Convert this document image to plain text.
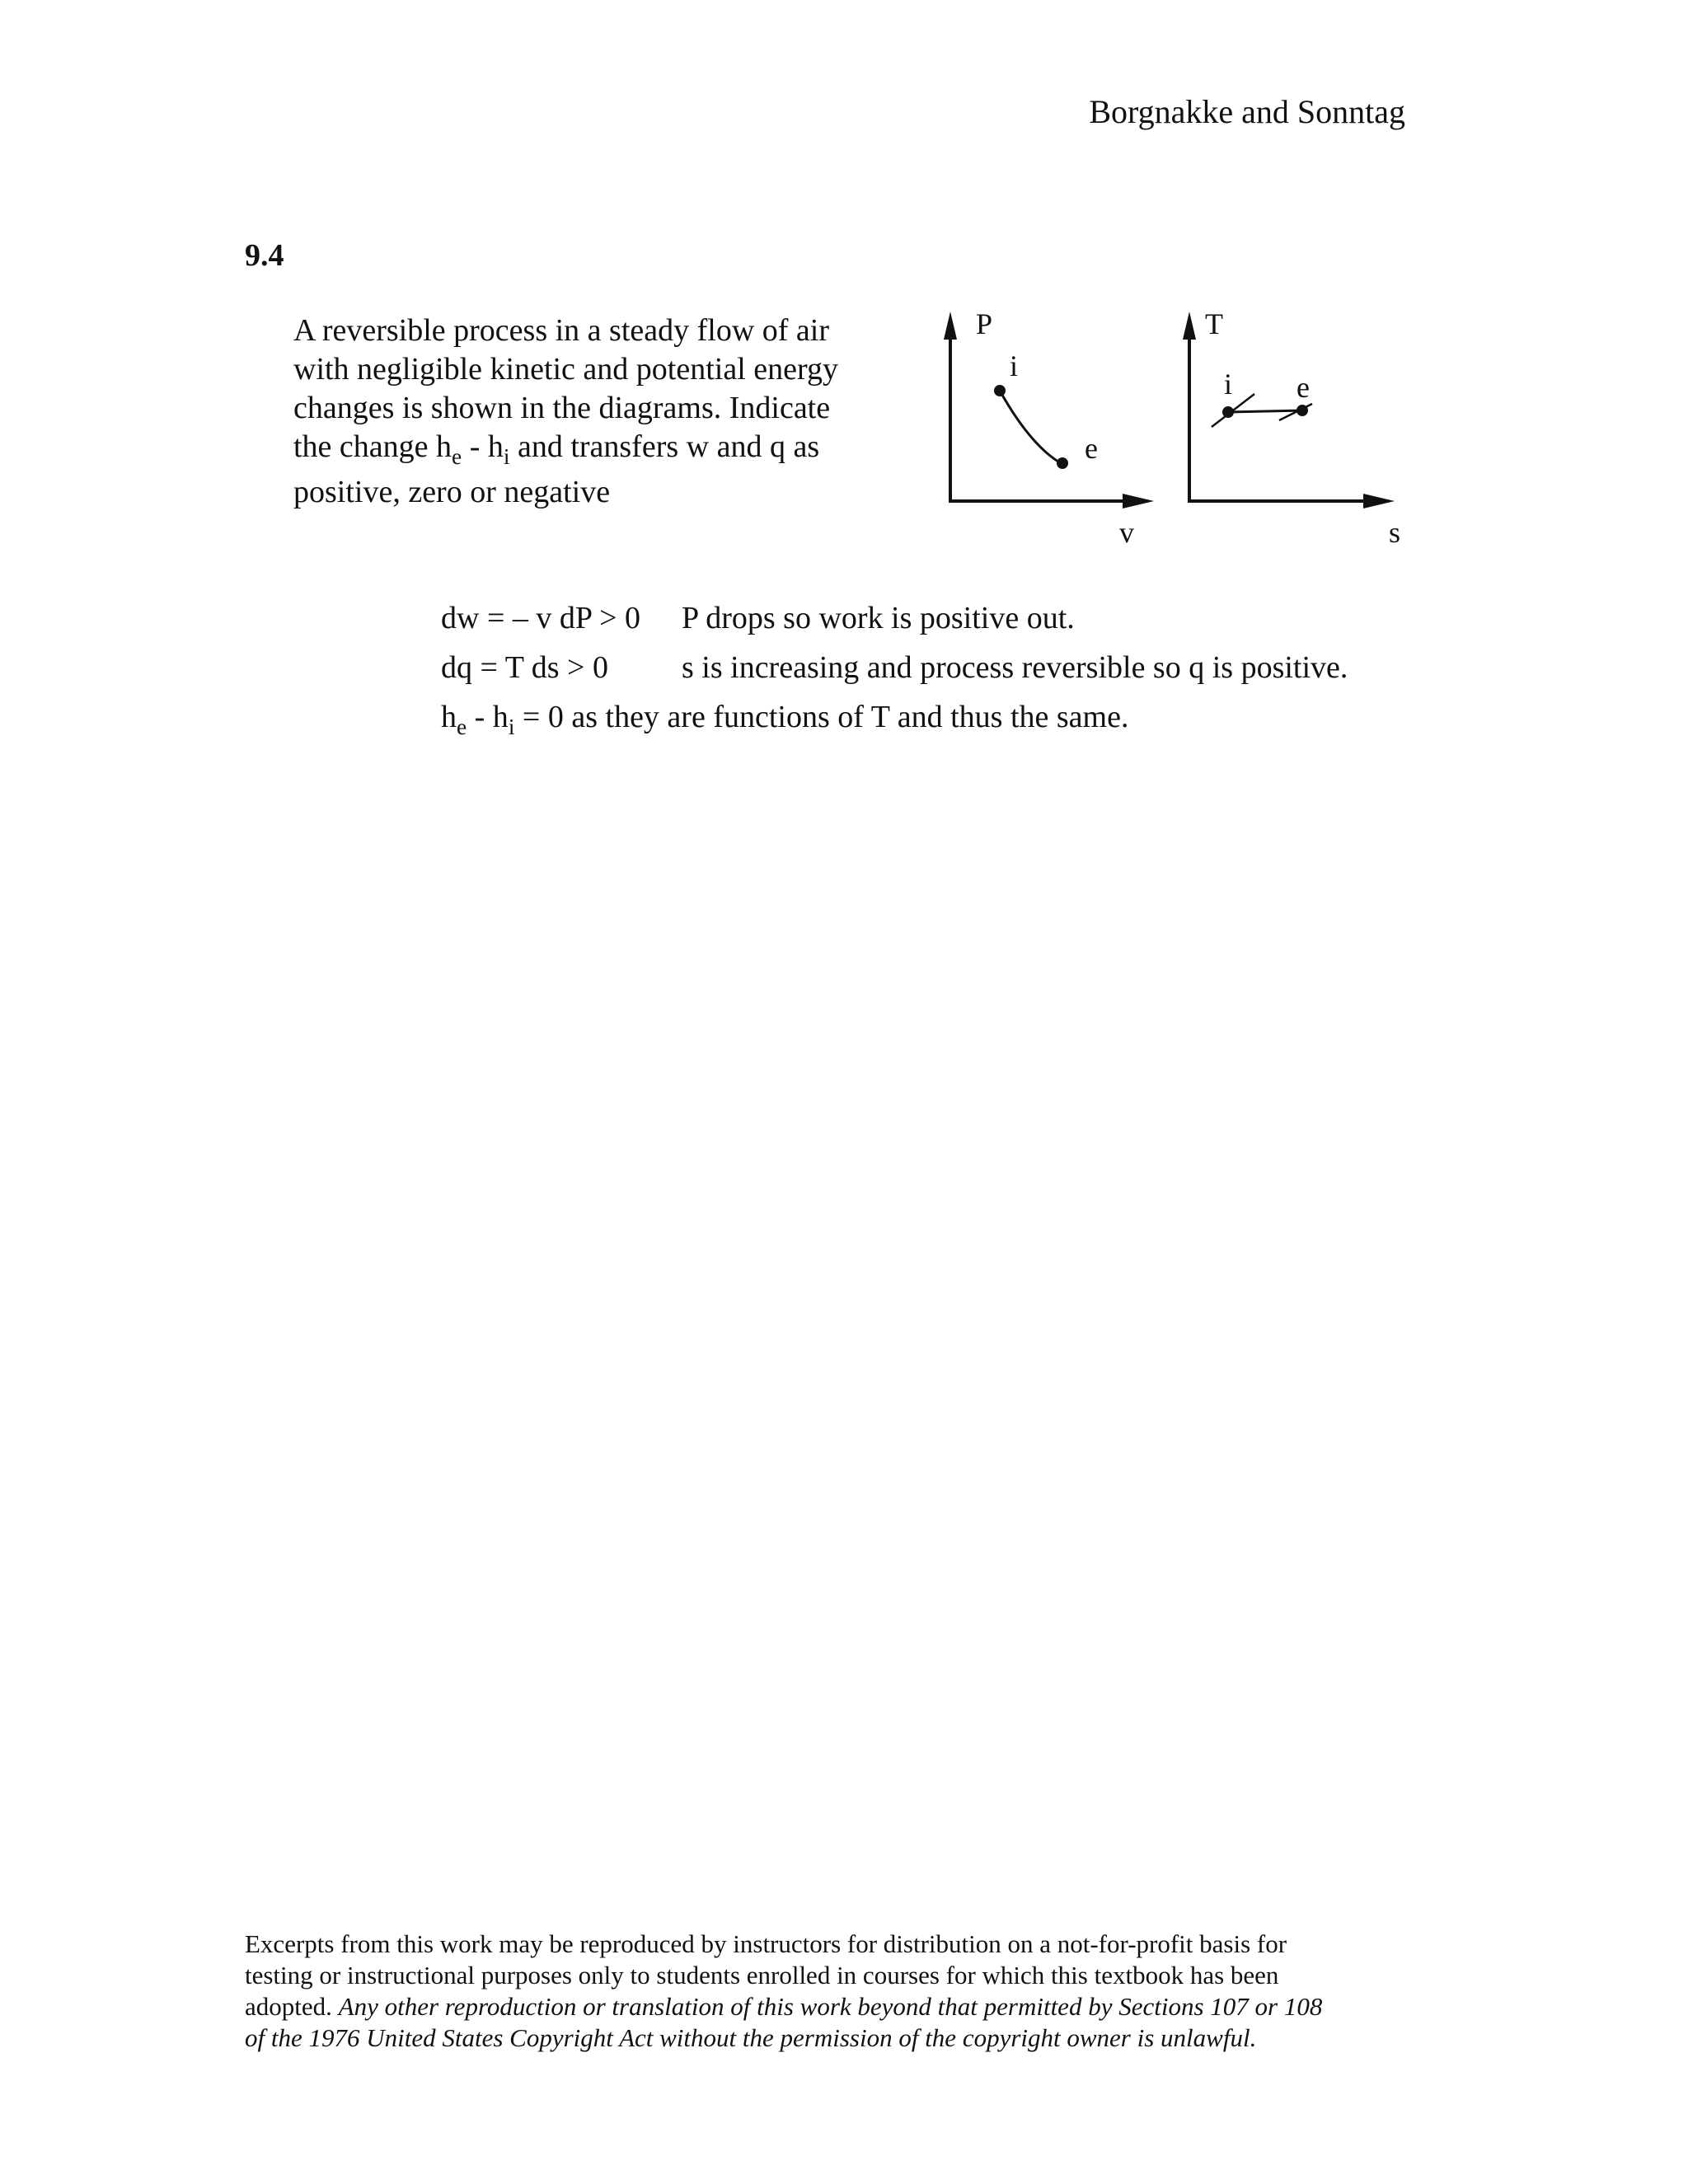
Borgnakke and Sonntag
9.4
A reversible process in a steady flow of air
with negligible kinetic and potential energy
changes is shown in the diagrams. Indicate
the change $h_e - h_i$ and transfers w and q as
positive, zero or negative
P
v
i
e
T
s
i e
dw = – v dP > 0 P drops so work is positive out.
dq = T ds > 0 s is increasing and process reversible so q is positive.
$h_e - h_i = 0$ as they are functions of T and thus the same.
Excerpts from this work may be reproduced by instructors for distribution on a not-for-profit basis for
testing or instructional purposes only to students enrolled in courses for which this textbook has been
adopted. Any other reproduction or translation of this work beyond that permitted by Sections 107 or 108
of the 1976 United States Copyright Act without the permission of the copyright owner is unlawful.
